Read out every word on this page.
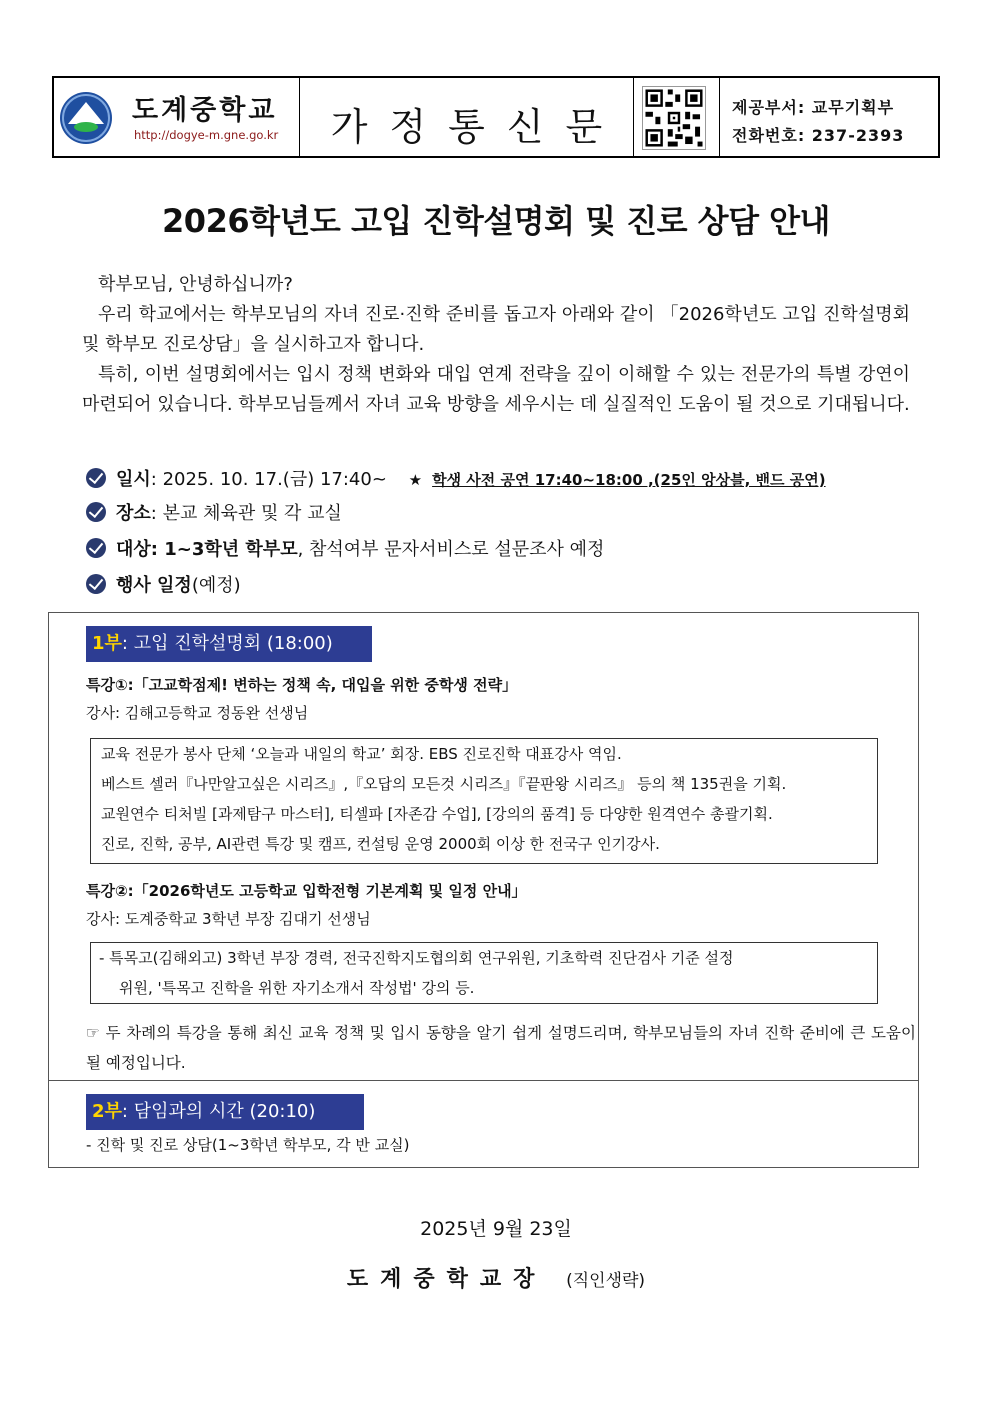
도계중학교
http://dogye-m.gne.go.kr	가정통신문	제공부서: 교무기획부
전화번호: 237-2393
2026학년도 고입 진학설명회 및 진로 상담 안내
학부모님, 안녕하십니까?
우리 학교에서는 학부모님의 자녀 진로·진학 준비를 돕고자 아래와 같이 「2026학년도 고입 진학설명회 및 학부모 진로상담」을 실시하고자 합니다.
특히, 이번 설명회에서는 입시 정책 변화와 대입 연계 전략을 깊이 이해할 수 있는 전문가의 특별 강연이 마련되어 있습니다. 학부모님들께서 자녀 교육 방향을 세우시는 데 실질적인 도움이 될 것으로 기대됩니다.
일시: 2025. 10. 17.(금) 17:40~ ★ 학생 사전 공연 17:40~18:00 ,(25인 앙상블, 밴드 공연)
장소: 본교 체육관 및 각 교실
대상: 1~3학년 학부모, 참석여부 문자서비스로 설문조사 예정
행사 일정(예정)
1부: 고입 진학설명회 (18:00)
특강①:「고교학점제! 변하는 정책 속, 대입을 위한 중학생 전략」
강사: 김해고등학교 정동완 선생님
교육 전문가 봉사 단체 ‘오늘과 내일의 학교’ 회장. EBS 진로진학 대표강사 역임.
베스트 셀러『나만알고싶은 시리즈』,『오답의 모든것 시리즈』『끝판왕 시리즈』 등의 책 135권을 기획.
교원연수 티처빌 [과제탐구 마스터], 티셀파 [자존감 수업], [강의의 품격] 등 다양한 원격연수 총괄기획.
진로, 진학, 공부, AI관련 특강 및 캠프, 컨설팅 운영 2000회 이상 한 전국구 인기강사.
특강②:「2026학년도 고등학교 입학전형 기본계획 및 일정 안내」
강사: 도계중학교 3학년 부장 김대기 선생님
- 특목고(김해외고) 3학년 부장 경력, 전국진학지도협의회 연구위원, 기초학력 진단검사 기준 설정
위원, '특목고 진학을 위한 자기소개서 작성법' 강의 등.
☞ 두 차례의 특강을 통해 최신 교육 정책 및 입시 동향을 알기 쉽게 설명드리며, 학부모님들의 자녀 진학 준비에 큰 도움이 될 예정입니다.
2부: 담임과의 시간 (20:10)
- 진학 및 진로 상담(1~3학년 학부모, 각 반 교실)
2025년 9월 23일
도계중학교장 (직인생략)
